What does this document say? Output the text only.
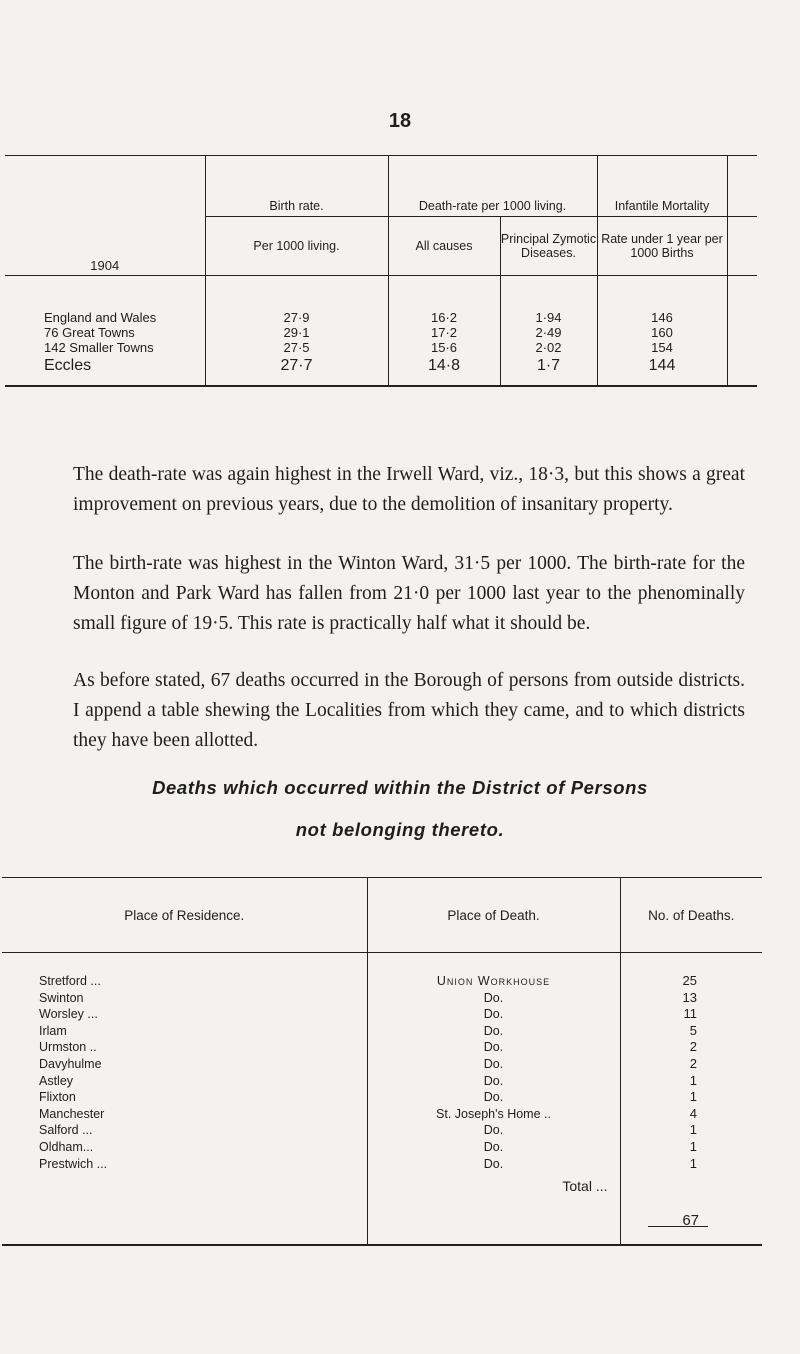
18
1904	Birth rate.	Death-rate per 1000 living.		Infantile Mortality	
	Per 1000 living.	All causes	Principal Zymotic Diseases.	Rate under 1 year per 1000 Births	

England and Wales	27·9	16·2	1·94	146	
76 Great Towns	29·1	17·2	2·49	160	
142 Smaller Towns	27·5	15·6	2·02	154	
Eccles	27·7	14·8	1·7	144	

The death-rate was again highest in the Irwell Ward, viz., 18·3, but this shows a great improvement on previous years, due to the demolition of insanitary property.

The birth-rate was highest in the Winton Ward, 31·5 per 1000. The birth-rate for the Monton and Park Ward has fallen from 21·0 per 1000 last year to the phenominally small figure of 19·5. This rate is practically half what it should be.

As before stated, 67 deaths occurred in the Borough of persons from outside districts. I append a table shewing the Localities from which they came, and to which districts they have been allotted.

Deaths which occurred within the District of Persons
not belonging thereto.
Place of Residence.	Place of Death.	No. of Deaths.

Stretford ...	Union Workhouse	25
Swinton	Do.	13
Worsley ...	Do.	11
Irlam	Do.	5
Urmston ..	Do.	2
Davyhulme	Do.	2
Astley	Do.	1
Flixton	Do.	1
Manchester	St. Joseph's Home ..	4
Salford ...	Do.	1
Oldham...	Do.	1
Prestwich ...	Do.	1
	Total ...	

		67
